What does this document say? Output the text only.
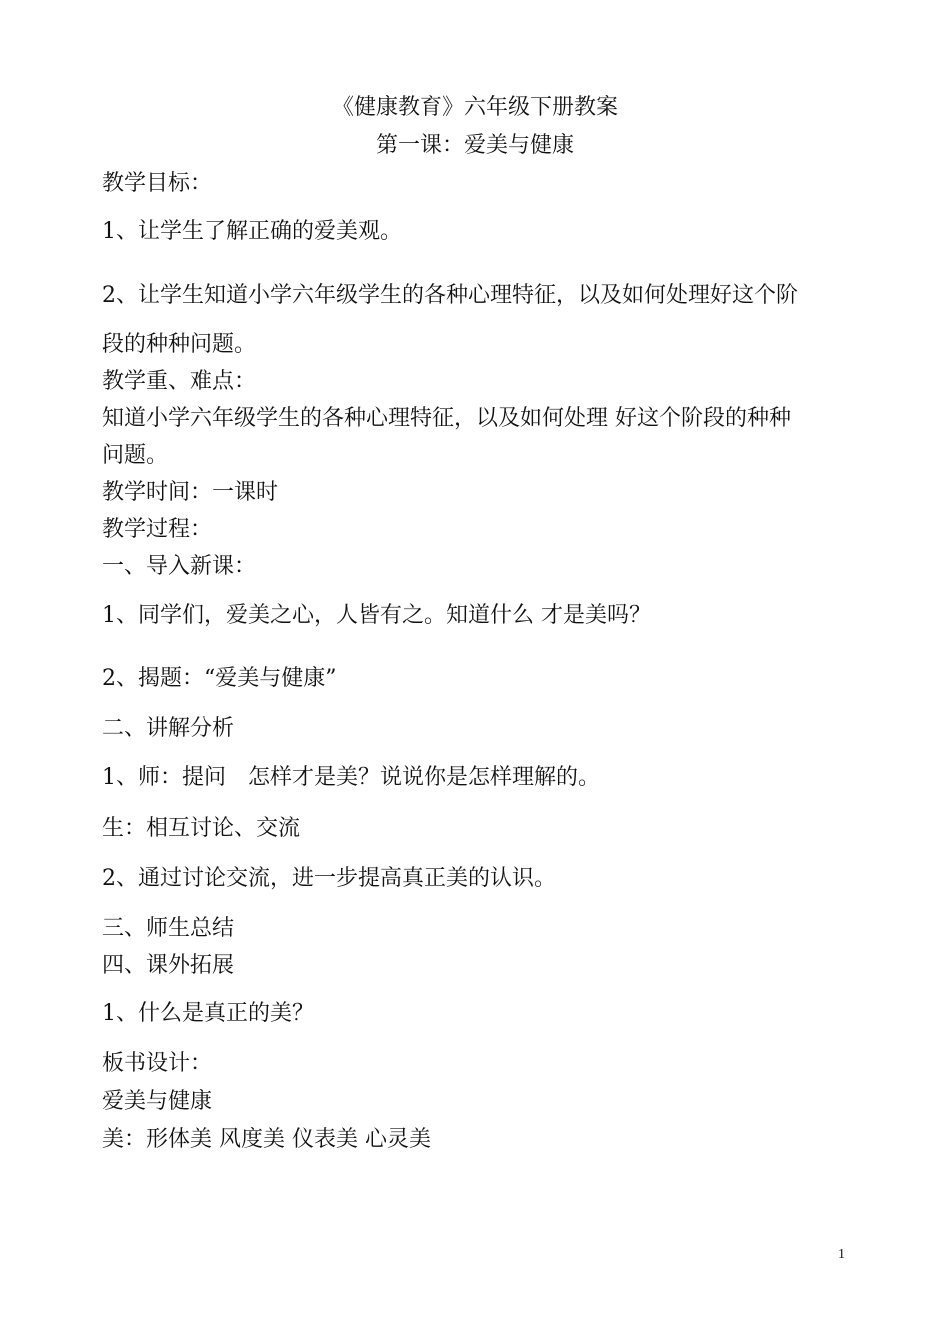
《健康教育》六年级下册教案
第一课：爱美与健康
教学目标：
1、让学生了解正确的爱美观。
2、让学生知道小学六年级学生的各种心理特征，以及如何处理好这个阶
段的种种问题。
教学重、难点：
知道小学六年级学生的各种心理特征，以及如何处理 好这个阶段的种种
问题。
教学时间：一课时
教学过程：
一、导入新课：
1、同学们，爱美之心，人皆有之。知道什么 才是美吗？
2、揭题：“爱美与健康”
二、讲解分析
1、师：提问　怎样才是美？说说你是怎样理解的。
生：相互讨论、交流
2、通过讨论交流，进一步提高真正美的认识。
三、师生总结
四、课外拓展
1、什么是真正的美？
板书设计：
爱美与健康
美：形体美 风度美 仪表美 心灵美
1
